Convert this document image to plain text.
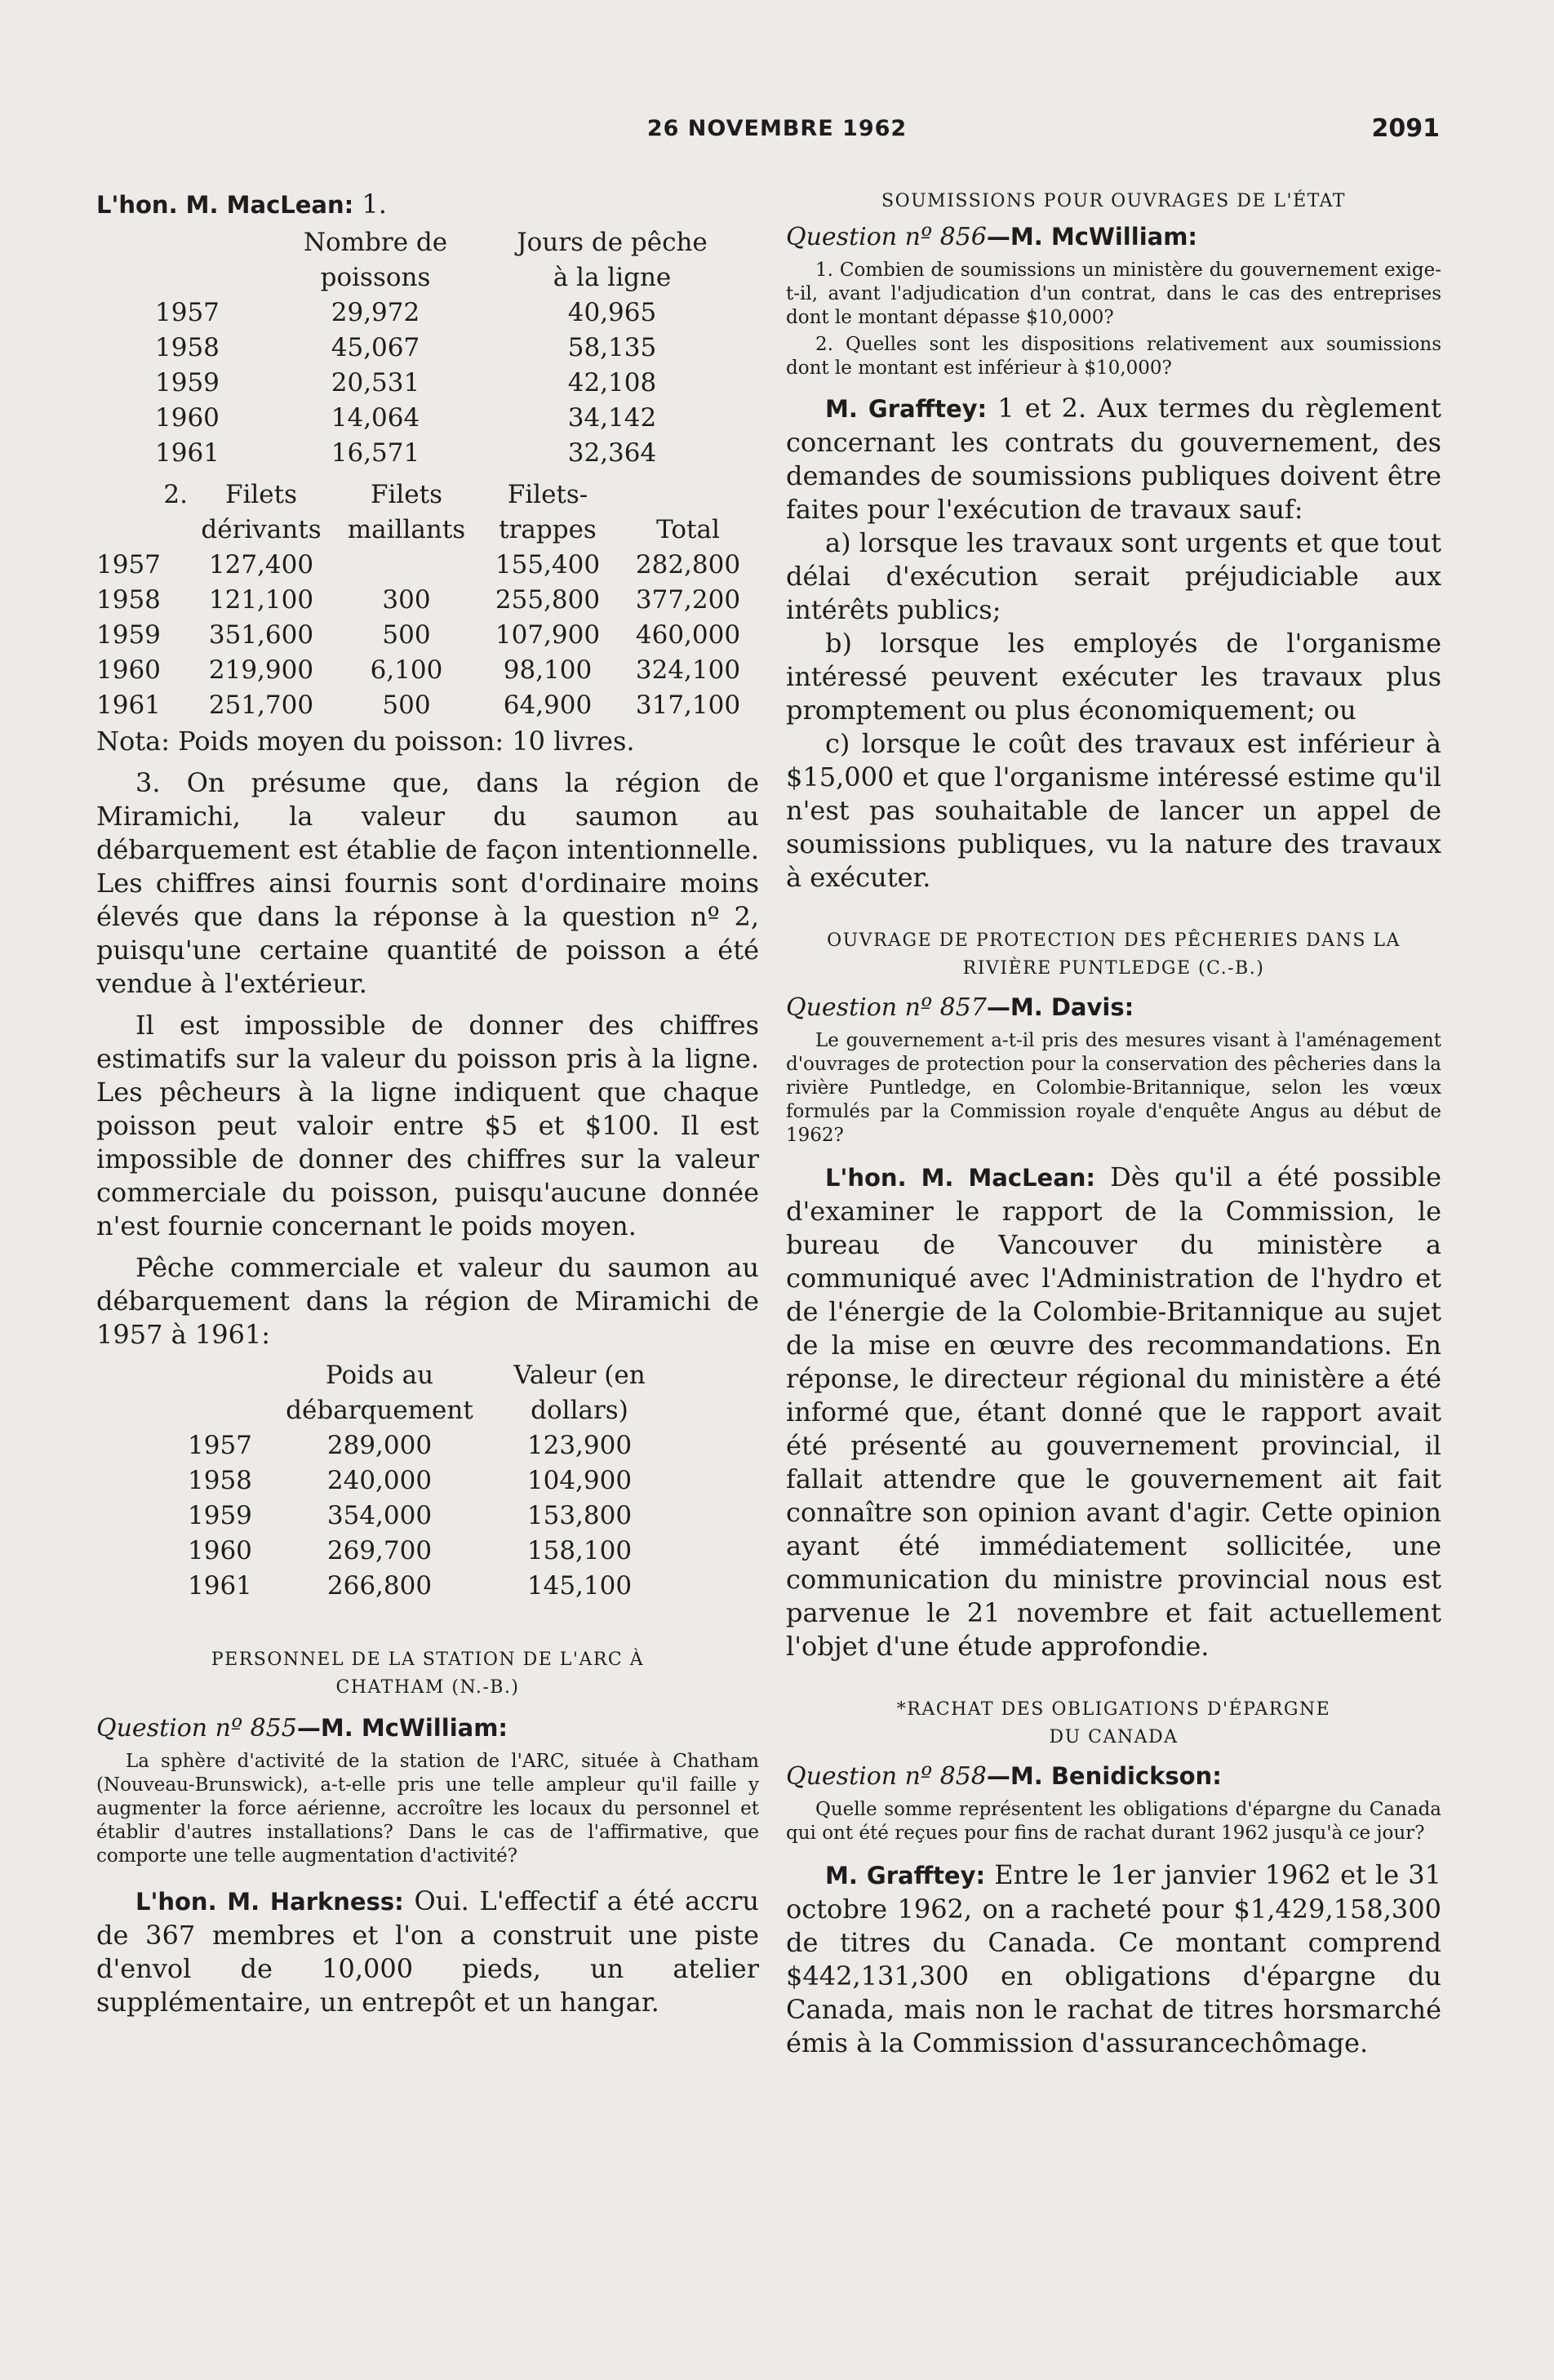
26 NOVEMBRE 1962	2091

L'hon. M. MacLean: 1.

	Nombre de	Jours de pêche
	poissons	à la ligne
1957	29,972	40,965
1958	45,067	58,135
1959	20,531	42,108
1960	14,064	34,142
1961	16,571	32,364
2.	Filets	Filets	Filets-	
	dérivants	maillants	trappes	Total
1957	127,400		155,400	282,800
1958	121,100	300	255,800	377,200
1959	351,600	500	107,900	460,000
1960	219,900	6,100	98,100	324,100
1961	251,700	500	64,900	317,100

Nota: Poids moyen du poisson: 10 livres.

3. On présume que, dans la région de Miramichi, la valeur du saumon au débarquement est établie de façon intentionnelle. Les chiffres ainsi fournis sont d'ordinaire moins élevés que dans la réponse à la question nº 2, puisqu'une certaine quantité de poisson a été vendue à l'extérieur.

Il est impossible de donner des chiffres estimatifs sur la valeur du poisson pris à la ligne. Les pêcheurs à la ligne indiquent que chaque poisson peut valoir entre $5 et $100. Il est impossible de donner des chiffres sur la valeur commerciale du poisson, puisqu'aucune donnée n'est fournie concernant le poids moyen.

Pêche commerciale et valeur du saumon au débarquement dans la région de Miramichi de 1957 à 1961:

	Poids au	Valeur (en
	débarquement	dollars)
1957	289,000	123,900
1958	240,000	104,900
1959	354,000	153,800
1960	269,700	158,100
1961	266,800	145,100

PERSONNEL DE LA STATION DE L'ARC À

CHATHAM (N.-B.)

Question nº 855—M. McWilliam:

La sphère d'activité de la station de l'ARC, située à Chatham (Nouveau-Brunswick), a-t-elle pris une telle ampleur qu'il faille y augmenter la force aérienne, accroître les locaux du personnel et établir d'autres installations? Dans le cas de l'affirmative, que comporte une telle augmentation d'activité?

L'hon. M. Harkness: Oui. L'effectif a été accru de 367 membres et l'on a construit une piste d'envol de 10,000 pieds, un atelier supplémentaire, un entrepôt et un hangar.

SOUMISSIONS POUR OUVRAGES DE L'ÉTAT

Question nº 856—M. McWilliam:

1. Combien de soumissions un ministère du gouvernement exige-t-il, avant l'adjudication d'un contrat, dans le cas des entreprises dont le montant dépasse $10,000?

2. Quelles sont les dispositions relativement aux soumissions dont le montant est inférieur à $10,000?

M. Grafftey: 1 et 2. Aux termes du règlement concernant les contrats du gouvernement, des demandes de soumissions publiques doivent être faites pour l'exécution de travaux sauf:

a) lorsque les travaux sont urgents et que tout délai d'exécution serait préjudiciable aux intérêts publics;

b) lorsque les employés de l'organisme intéressé peuvent exécuter les travaux plus promptement ou plus économiquement; ou

c) lorsque le coût des travaux est inférieur à $15,000 et que l'organisme intéressé estime qu'il n'est pas souhaitable de lancer un appel de soumissions publiques, vu la nature des travaux à exécuter.

OUVRAGE DE PROTECTION DES PÊCHERIES DANS LA

RIVIÈRE PUNTLEDGE (C.-B.)

Question nº 857—M. Davis:

Le gouvernement a-t-il pris des mesures visant à l'aménagement d'ouvrages de protection pour la conservation des pêcheries dans la rivière Puntledge, en Colombie-Britannique, selon les vœux formulés par la Commission royale d'enquête Angus au début de 1962?

L'hon. M. MacLean: Dès qu'il a été possible d'examiner le rapport de la Commission, le bureau de Vancouver du ministère a communiqué avec l'Administration de l'hydro et de l'énergie de la Colombie-Britannique au sujet de la mise en œuvre des recommandations. En réponse, le directeur régional du ministère a été informé que, étant donné que le rapport avait été présenté au gouvernement provincial, il fallait attendre que le gouvernement ait fait connaître son opinion avant d'agir. Cette opinion ayant été immédiatement sollicitée, une communication du ministre provincial nous est parvenue le 21 novembre et fait actuellement l'objet d'une étude approfondie.

*RACHAT DES OBLIGATIONS D'ÉPARGNE

DU CANADA

Question nº 858—M. Benidickson:

Quelle somme représentent les obligations d'épargne du Canada qui ont été reçues pour fins de rachat durant 1962 jusqu'à ce jour?

M. Grafftey: Entre le 1er janvier 1962 et le 31 octobre 1962, on a racheté pour $1,429,158,300 de titres du Canada. Ce montant comprend $442,131,300 en obligations d'épargne du Canada, mais non le rachat de titres horsmarché émis à la Commission d'assurancechômage.
